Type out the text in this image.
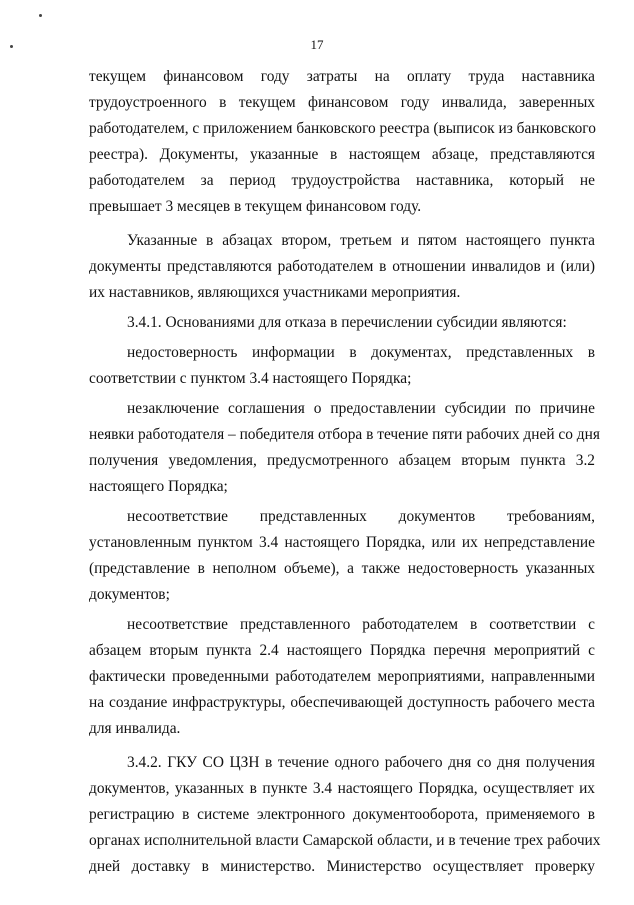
17
текущем финансовом году затраты на оплату труда наставника
трудоустроенного в текущем финансовом году инвалида, заверенных
работодателем, с приложением банковского реестра (выписок из банковского
реестра). Документы, указанные в настоящем абзаце, представляются
работодателем за период трудоустройства наставника, который не
превышает 3 месяцев в текущем финансовом году.
Указанные в абзацах втором, третьем и пятом настоящего пункта
документы представляются работодателем в отношении инвалидов и (или)
их наставников, являющихся участниками мероприятия.
3.4.1. Основаниями для отказа в перечислении субсидии являются:
недостоверность информации в документах, представленных в
соответствии с пунктом 3.4 настоящего Порядка;
незаключение соглашения о предоставлении субсидии по причине
неявки работодателя – победителя отбора в течение пяти рабочих дней со дня
получения уведомления, предусмотренного абзацем вторым пункта 3.2
настоящего Порядка;
несоответствие представленных документов требованиям,
установленным пунктом 3.4 настоящего Порядка, или их непредставление
(представление в неполном объеме), а также недостоверность указанных
документов;
несоответствие представленного работодателем в соответствии с
абзацем вторым пункта 2.4 настоящего Порядка перечня мероприятий с
фактически проведенными работодателем мероприятиями, направленными
на создание инфраструктуры, обеспечивающей доступность рабочего места
для инвалида.
3.4.2. ГКУ СО ЦЗН в течение одного рабочего дня со дня получения
документов, указанных в пункте 3.4 настоящего Порядка, осуществляет их
регистрацию в системе электронного документооборота, применяемого в
органах исполнительной власти Самарской области, и в течение трех рабочих
дней доставку в министерство. Министерство осуществляет проверку
